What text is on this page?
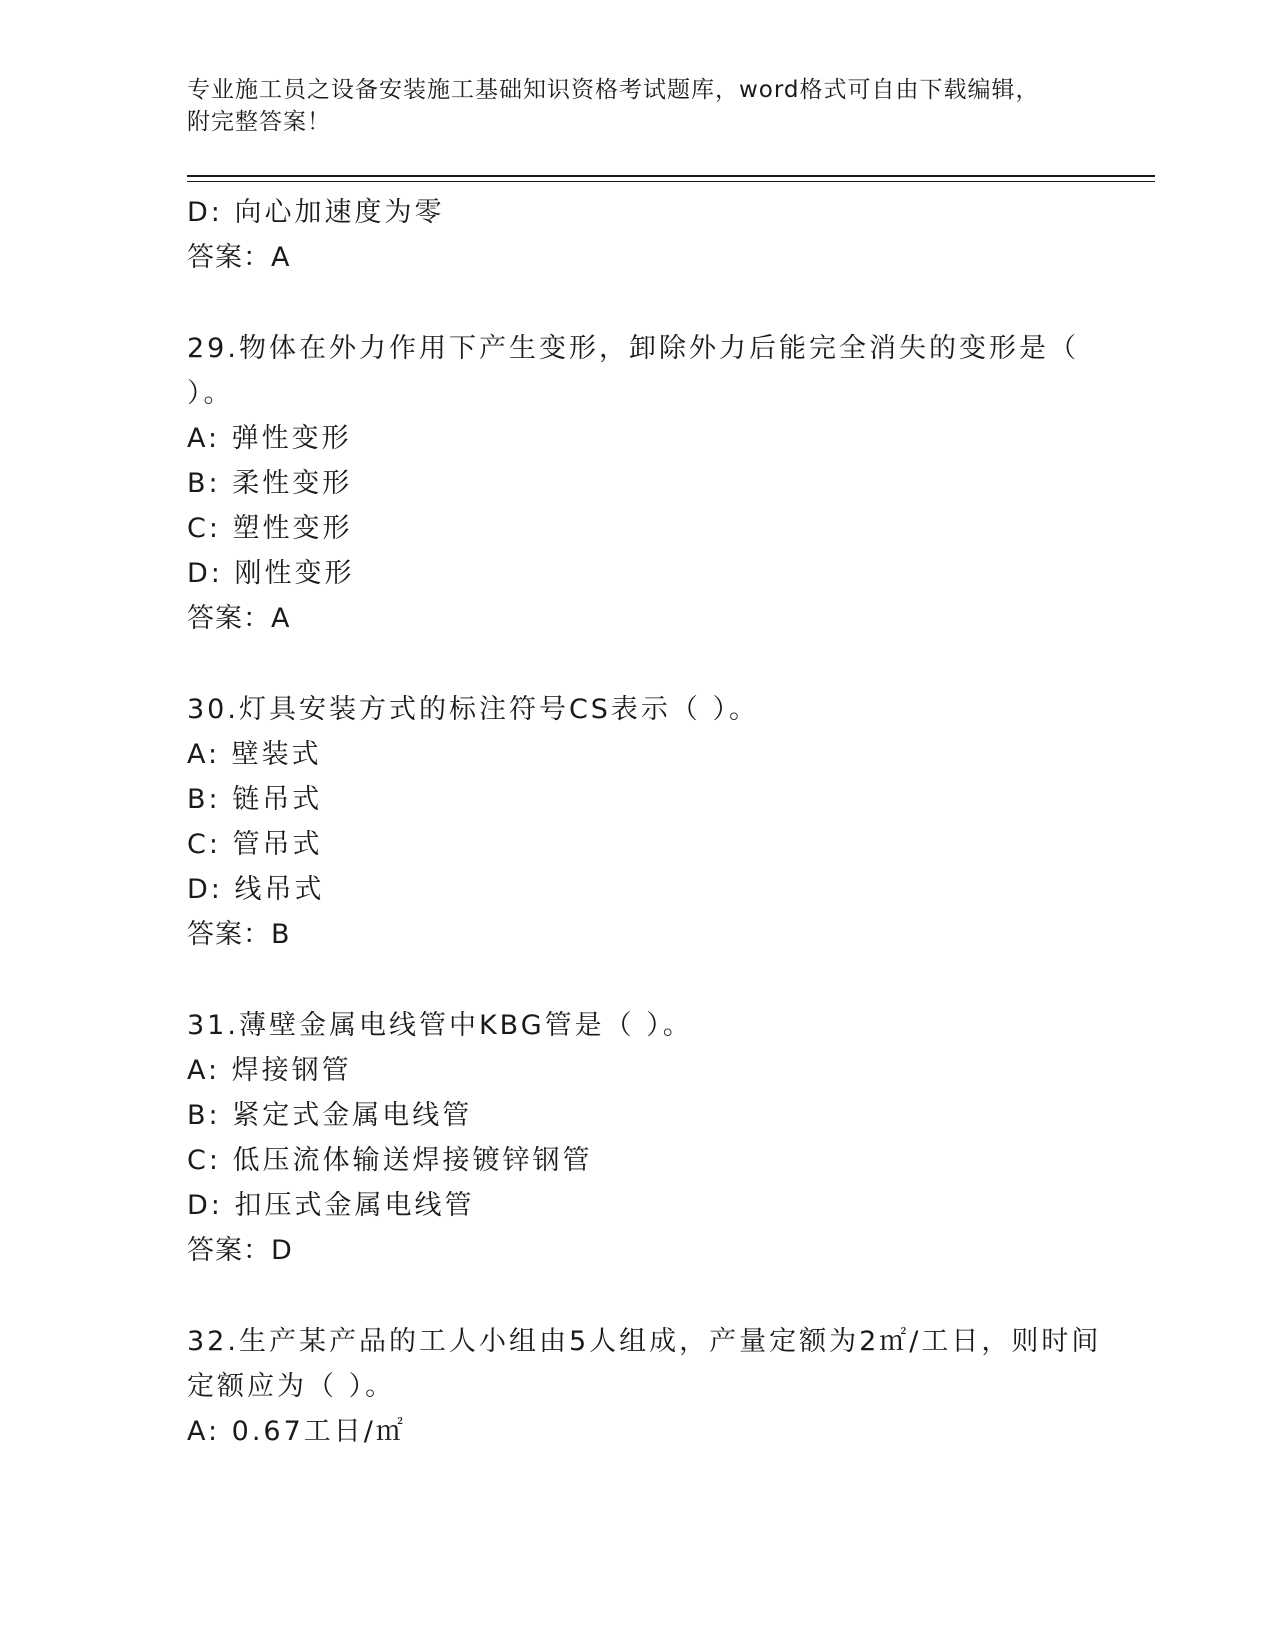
专业施工员之设备安装施工基础知识资格考试题库，word格式可自由下载编辑，
附完整答案！
D: 向心加速度为零
答案：A
29.物体在外力作用下产生变形，卸除外力后能完全消失的变形是（
）。
A: 弹性变形
B: 柔性变形
C: 塑性变形
D: 刚性变形
答案：A
30.灯具安装方式的标注符号CS表示（ ）。
A: 壁装式
B: 链吊式
C: 管吊式
D: 线吊式
答案：B
31.薄壁金属电线管中KBG管是（ ）。
A: 焊接钢管
B: 紧定式金属电线管
C: 低压流体输送焊接镀锌钢管
D: 扣压式金属电线管
答案：D
32.生产某产品的工人小组由5人组成，产量定额为2㎡/工日，则时间
定额应为（ ）。
A: 0.67工日/㎡
